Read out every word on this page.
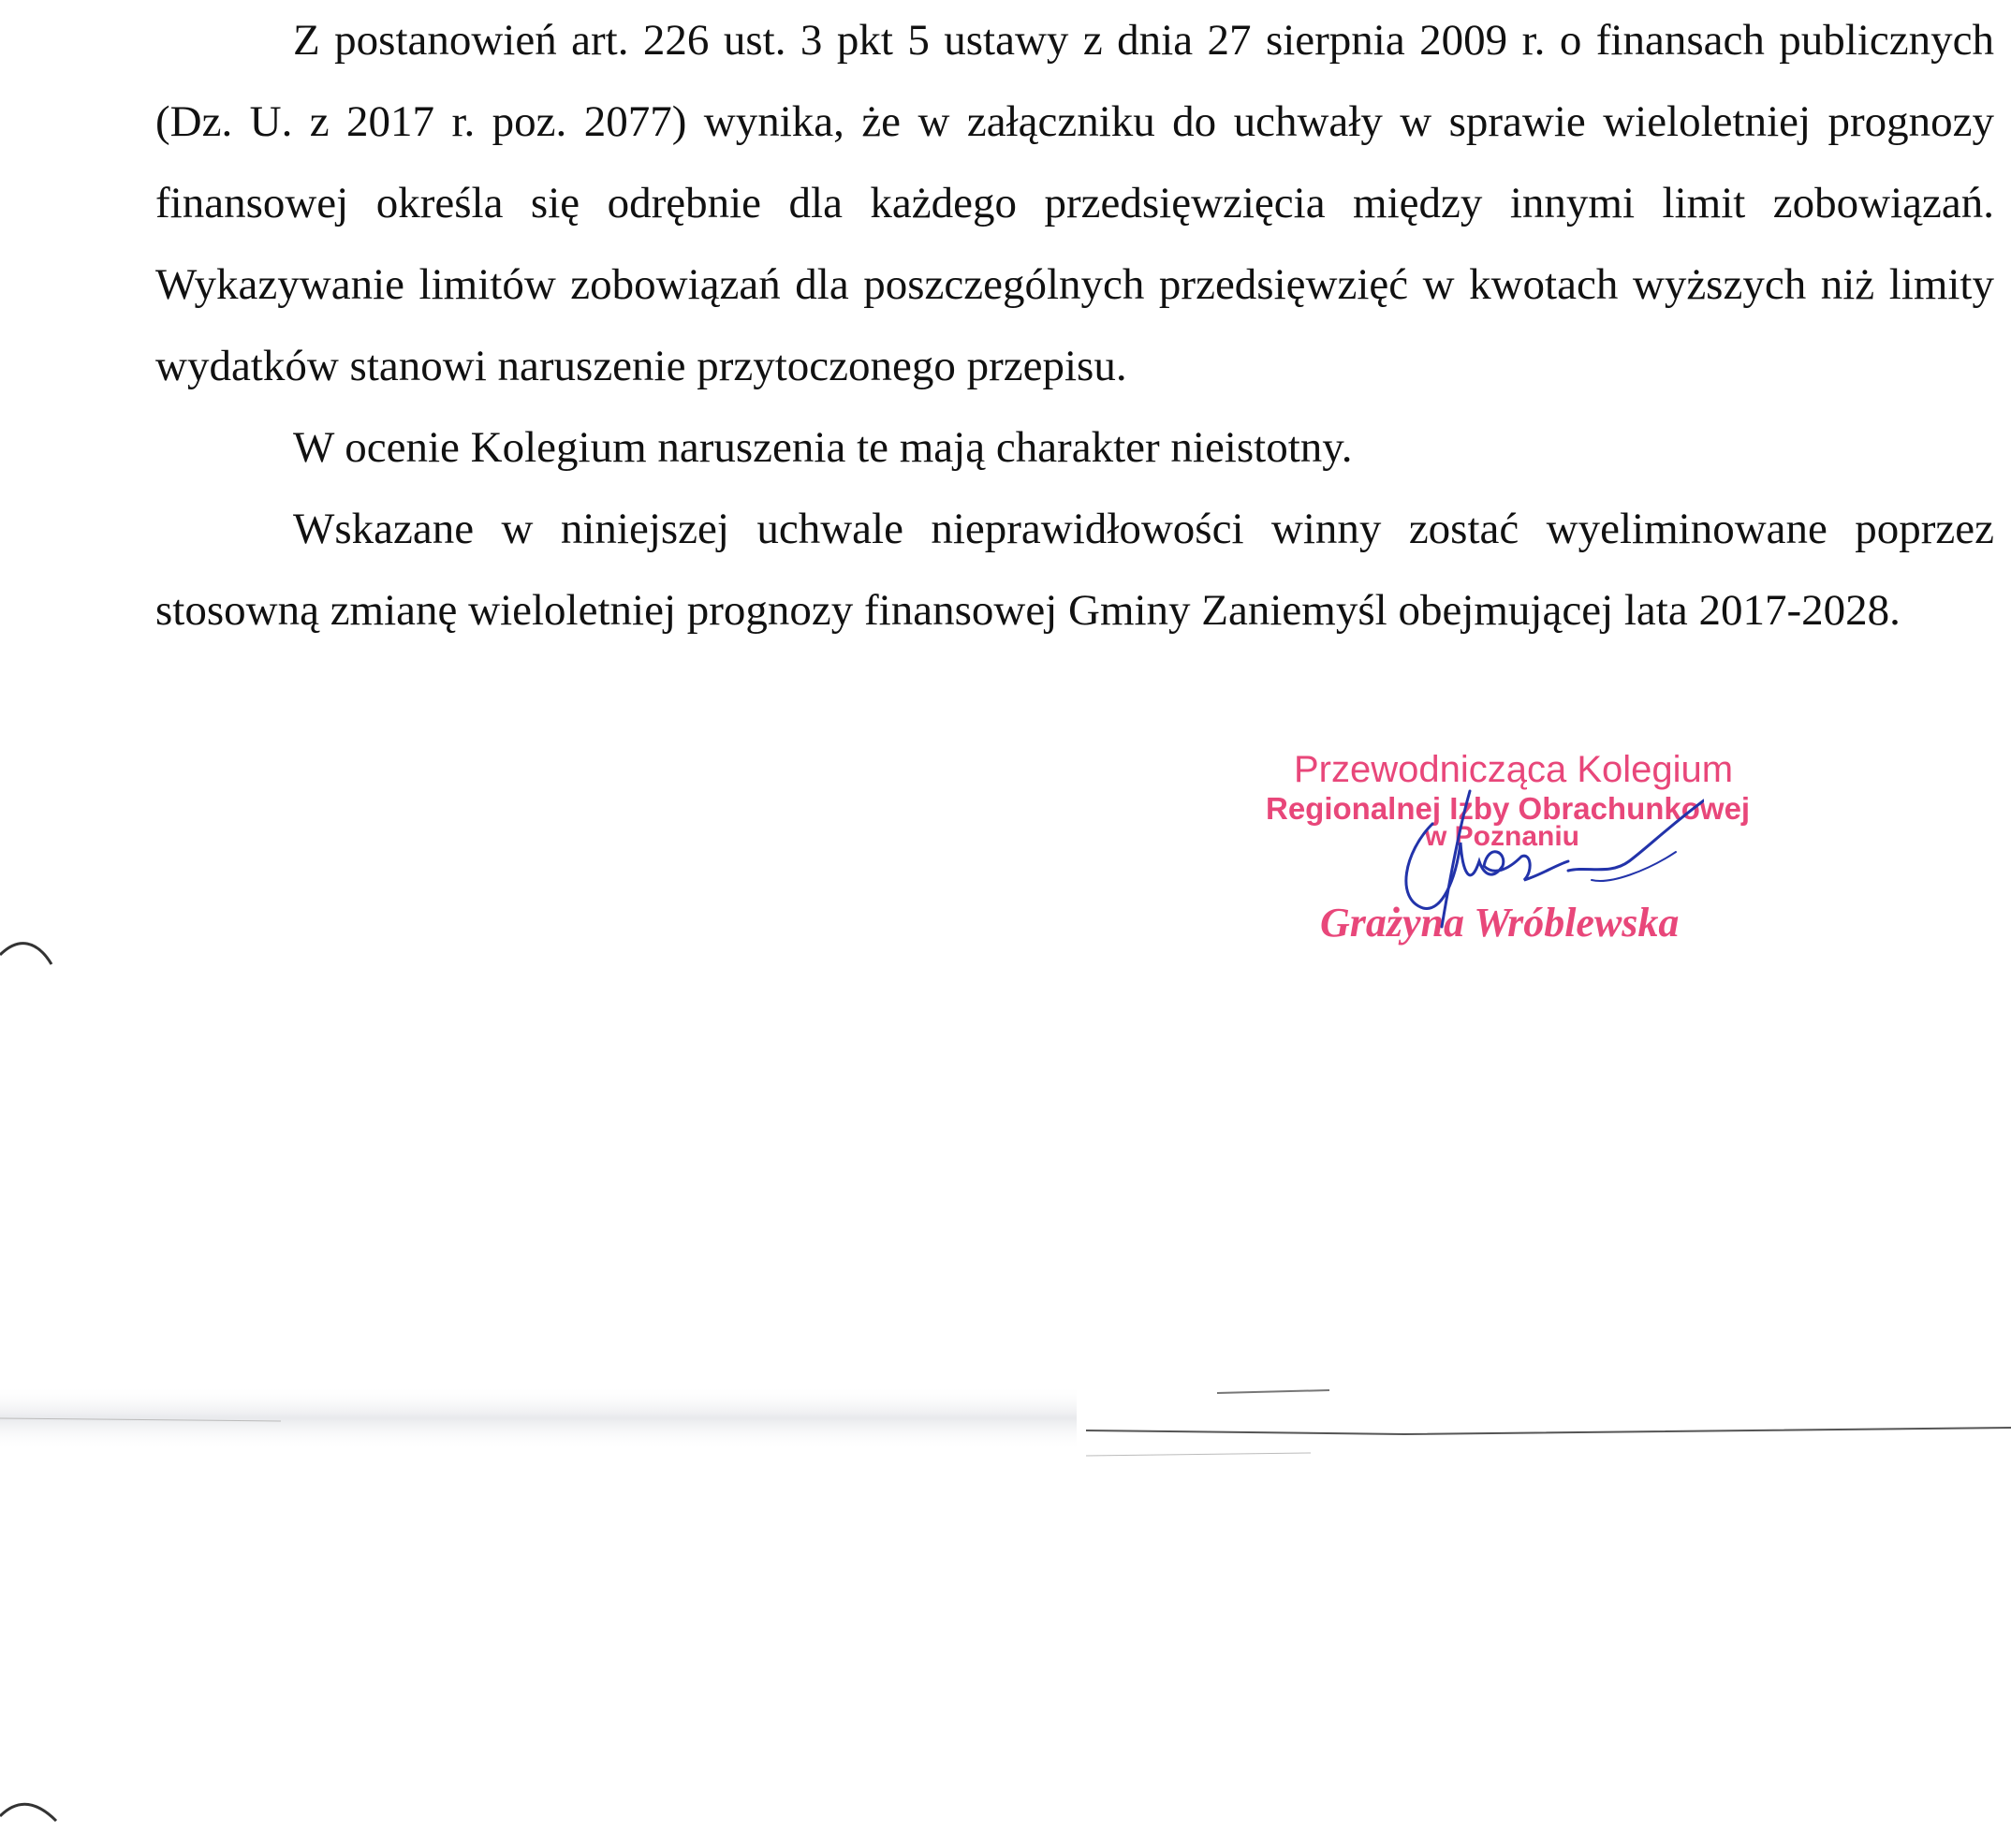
Z postanowień art. 226 ust. 3 pkt 5 ustawy z dnia 27 sierpnia 2009 r. o finansach publicznych (Dz. U. z 2017 r. poz. 2077) wynika, że w załączniku do uchwały w sprawie wieloletniej prognozy finansowej określa się odrębnie dla każdego przedsięwzięcia między innymi limit zobowiązań. Wykazywanie limitów zobowiązań dla poszczególnych przedsięwzięć w kwotach wyższych niż limity wydatków stanowi naruszenie przytoczonego przepisu.

W ocenie Kolegium naruszenia te mają charakter nieistotny.

Wskazane w niniejszej uchwale nieprawidłowości winny zostać wyeliminowane poprzez stosowną zmianę wieloletniej prognozy finansowej Gminy Zaniemyśl obejmującej lata 2017-2028.

Przewodnicząca Kolegium
Regionalnej Izby Obrachunkowej
w Poznaniu
Grażyna Wróblewska
